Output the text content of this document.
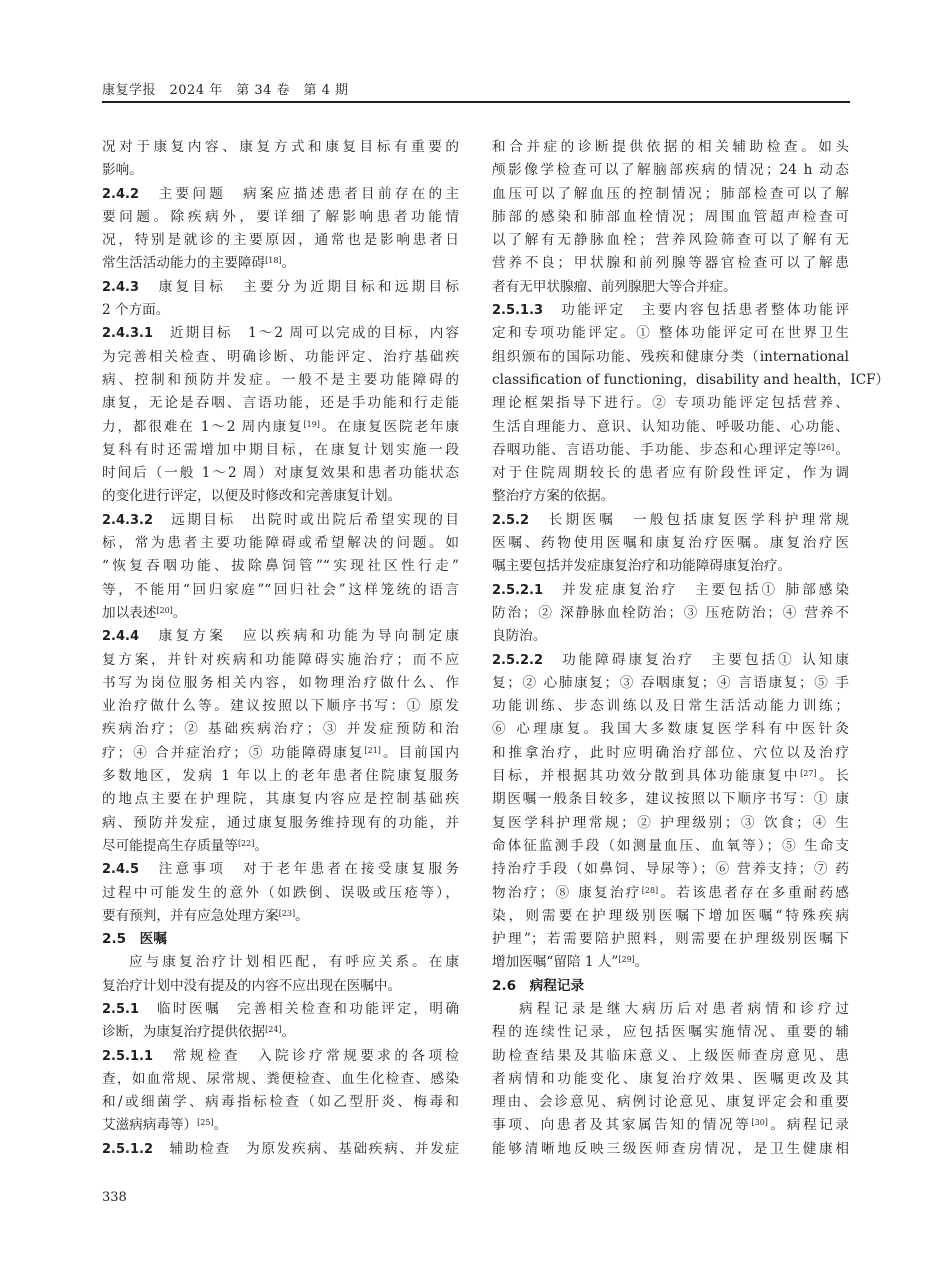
康复学报　2024 年　第 34 卷　第 4 期
况对于康复内容、康复方式和康复目标有重要的
影响。
2.4.2　主要问题　病案应描述患者目前存在的主
要问题。除疾病外，要详细了解影响患者功能情
况，特别是就诊的主要原因，通常也是影响患者日
常生活活动能力的主要障碍[18]。
2.4.3　康复目标　主要分为近期目标和远期目标
2 个方面。
2.4.3.1　近期目标　1～2 周可以完成的目标，内容
为完善相关检查、明确诊断、功能评定、治疗基础疾
病、控制和预防并发症。一般不是主要功能障碍的
康复，无论是吞咽、言语功能，还是手功能和行走能
力，都很难在 1～2 周内康复[19]。在康复医院老年康
复科有时还需增加中期目标，在康复计划实施一段
时间后（一般 1～2 周）对康复效果和患者功能状态
的变化进行评定，以便及时修改和完善康复计划。
2.4.3.2　远期目标　出院时或出院后希望实现的目
标，常为患者主要功能障碍或希望解决的问题。如
“恢复吞咽功能、拔除鼻饲管”“实现社区性行走”
等，不能用“回归家庭”“回归社会”这样笼统的语言
加以表述[20]。
2.4.4　康复方案　应以疾病和功能为导向制定康
复方案，并针对疾病和功能障碍实施治疗；而不应
书写为岗位服务相关内容，如物理治疗做什么、作
业治疗做什么等。建议按照以下顺序书写：① 原发
疾病治疗；② 基础疾病治疗；③ 并发症预防和治
疗；④ 合并症治疗；⑤ 功能障碍康复[21]。目前国内
多数地区，发病 1 年以上的老年患者住院康复服务
的地点主要在护理院，其康复内容应是控制基础疾
病、预防并发症，通过康复服务维持现有的功能，并
尽可能提高生存质量等[22]。
2.4.5　注意事项　对于老年患者在接受康复服务
过程中可能发生的意外（如跌倒、误吸或压疮等），
要有预判，并有应急处理方案[23]。
2.5　医嘱
应与康复治疗计划相匹配，有呼应关系。在康
复治疗计划中没有提及的内容不应出现在医嘱中。
2.5.1　临时医嘱　完善相关检查和功能评定，明确
诊断，为康复治疗提供依据[24]。
2.5.1.1　常规检查　入院诊疗常规要求的各项检
查，如血常规、尿常规、粪便检查、血生化检查、感染
和/或细菌学、病毒指标检查（如乙型肝炎、梅毒和
艾滋病病毒等）[25]。
2.5.1.2　辅助检查　为原发疾病、基础疾病、并发症
和合并症的诊断提供依据的相关辅助检查。如头
颅影像学检查可以了解脑部疾病的情况；24 h 动态
血压可以了解血压的控制情况；肺部检查可以了解
肺部的感染和肺部血栓情况；周围血管超声检查可
以了解有无静脉血栓；营养风险筛查可以了解有无
营养不良；甲状腺和前列腺等器官检查可以了解患
者有无甲状腺瘤、前列腺肥大等合并症。
2.5.1.3　功能评定　主要内容包括患者整体功能评
定和专项功能评定。① 整体功能评定可在世界卫生
组织颁布的国际功能、残疾和健康分类（international
classification of functioning，disability and health，ICF）
理论框架指导下进行。② 专项功能评定包括营养、
生活自理能力、意识、认知功能、呼吸功能、心功能、
吞咽功能、言语功能、手功能、步态和心理评定等[26]。
对于住院周期较长的患者应有阶段性评定，作为调
整治疗方案的依据。
2.5.2　长期医嘱　一般包括康复医学科护理常规
医嘱、药物使用医嘱和康复治疗医嘱。康复治疗医
嘱主要包括并发症康复治疗和功能障碍康复治疗。
2.5.2.1　并发症康复治疗　主要包括① 肺部感染
防治；② 深静脉血栓防治；③ 压疮防治；④ 营养不
良防治。
2.5.2.2　功能障碍康复治疗　主要包括① 认知康
复；② 心肺康复；③ 吞咽康复；④ 言语康复；⑤ 手
功能训练、步态训练以及日常生活活动能力训练；
⑥ 心理康复。我国大多数康复医学科有中医针灸
和推拿治疗，此时应明确治疗部位、穴位以及治疗
目标，并根据其功效分散到具体功能康复中[27]。长
期医嘱一般条目较多，建议按照以下顺序书写：① 康
复医学科护理常规；② 护理级别；③ 饮食；④ 生
命体征监测手段（如测量血压、血氧等）；⑤ 生命支
持治疗手段（如鼻饲、导尿等）；⑥ 营养支持；⑦ 药
物治疗；⑧ 康复治疗[28]。若该患者存在多重耐药感
染，则需要在护理级别医嘱下增加医嘱“特殊疾病
护理”；若需要陪护照料，则需要在护理级别医嘱下
增加医嘱“留陪 1 人”[29]。
2.6　病程记录
病程记录是继大病历后对患者病情和诊疗过
程的连续性记录，应包括医嘱实施情况、重要的辅
助检查结果及其临床意义、上级医师查房意见、患
者病情和功能变化、康复治疗效果、医嘱更改及其
理由、会诊意见、病例讨论意见、康复评定会和重要
事项、向患者及其家属告知的情况等[30]。病程记录
能够清晰地反映三级医师查房情况，是卫生健康相
338
